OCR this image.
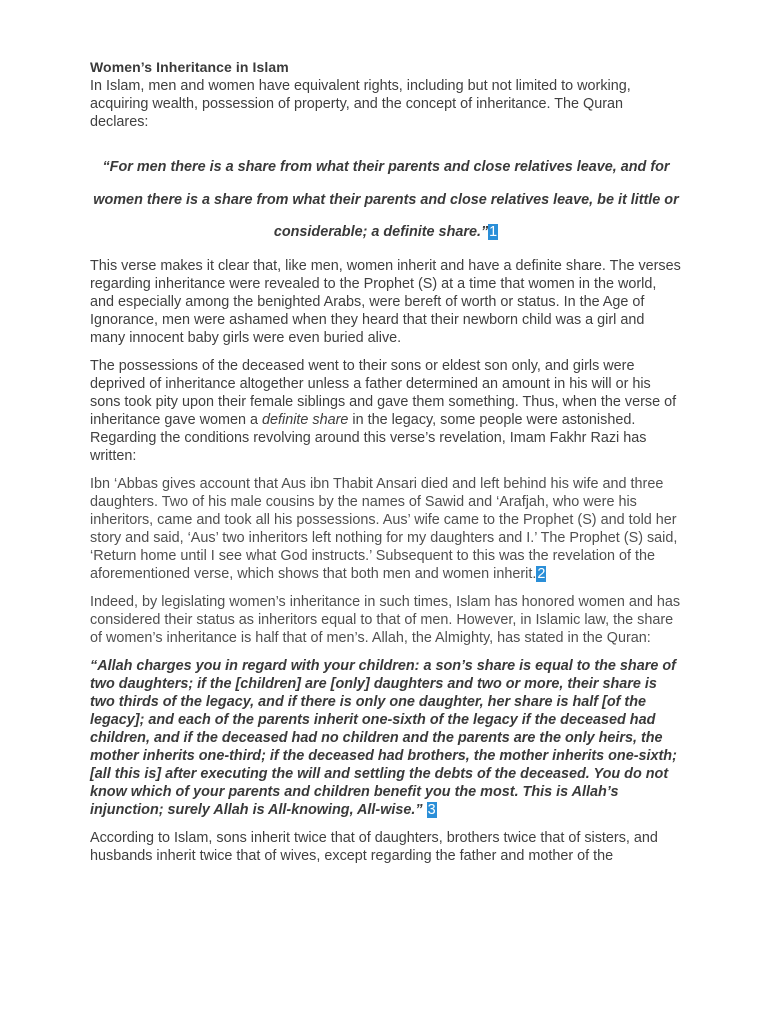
Women’s Inheritance in Islam

In Islam, men and women have equivalent rights, including but not limited to working, acquiring wealth, possession of property, and the concept of inheritance. The Quran declares:

“For men there is a share from what their parents and close relatives leave, and for women there is a share from what their parents and close relatives leave, be it little or considerable; a definite share.”1

This verse makes it clear that, like men, women inherit and have a definite share. The verses regarding inheritance were revealed to the Prophet (S) at a time that women in the world, and especially among the benighted Arabs, were bereft of worth or status. In the Age of Ignorance, men were ashamed when they heard that their newborn child was a girl and many innocent baby girls were even buried alive.

The possessions of the deceased went to their sons or eldest son only, and girls were deprived of inheritance altogether unless a father determined an amount in his will or his sons took pity upon their female siblings and gave them something. Thus, when the verse of inheritance gave women a definite share in the legacy, some people were astonished. Regarding the conditions revolving around this verse’s revelation, Imam Fakhr Razi has written:

Ibn ‘Abbas gives account that Aus ibn Thabit Ansari died and left behind his wife and three daughters. Two of his male cousins by the names of Sawid and ‘Arafjah, who were his inheritors, came and took all his possessions. Aus’ wife came to the Prophet (S) and told her story and said, ‘Aus’ two inheritors left nothing for my daughters and I.’ The Prophet (S) said, ‘Return home until I see what God instructs.’ Subsequent to this was the revelation of the aforementioned verse, which shows that both men and women inherit.2

Indeed, by legislating women’s inheritance in such times, Islam has honored women and has considered their status as inheritors equal to that of men. However, in Islamic law, the share of women’s inheritance is half that of men’s. Allah, the Almighty, has stated in the Quran:

“Allah charges you in regard with your children: a son’s share is equal to the share of two daughters; if the [children] are [only] daughters and two or more, their share is two thirds of the legacy, and if there is only one daughter, her share is half [of the legacy]; and each of the parents inherit one-sixth of the legacy if the deceased had children, and if the deceased had no children and the parents are the only heirs, the mother inherits one-third; if the deceased had brothers, the mother inherits one-sixth; [all this is] after executing the will and settling the debts of the deceased. You do not know which of your parents and children benefit you the most. This is Allah’s injunction; surely Allah is All-knowing, All-wise.” 3

According to Islam, sons inherit twice that of daughters, brothers twice that of sisters, and husbands inherit twice that of wives, except regarding the father and mother of the
